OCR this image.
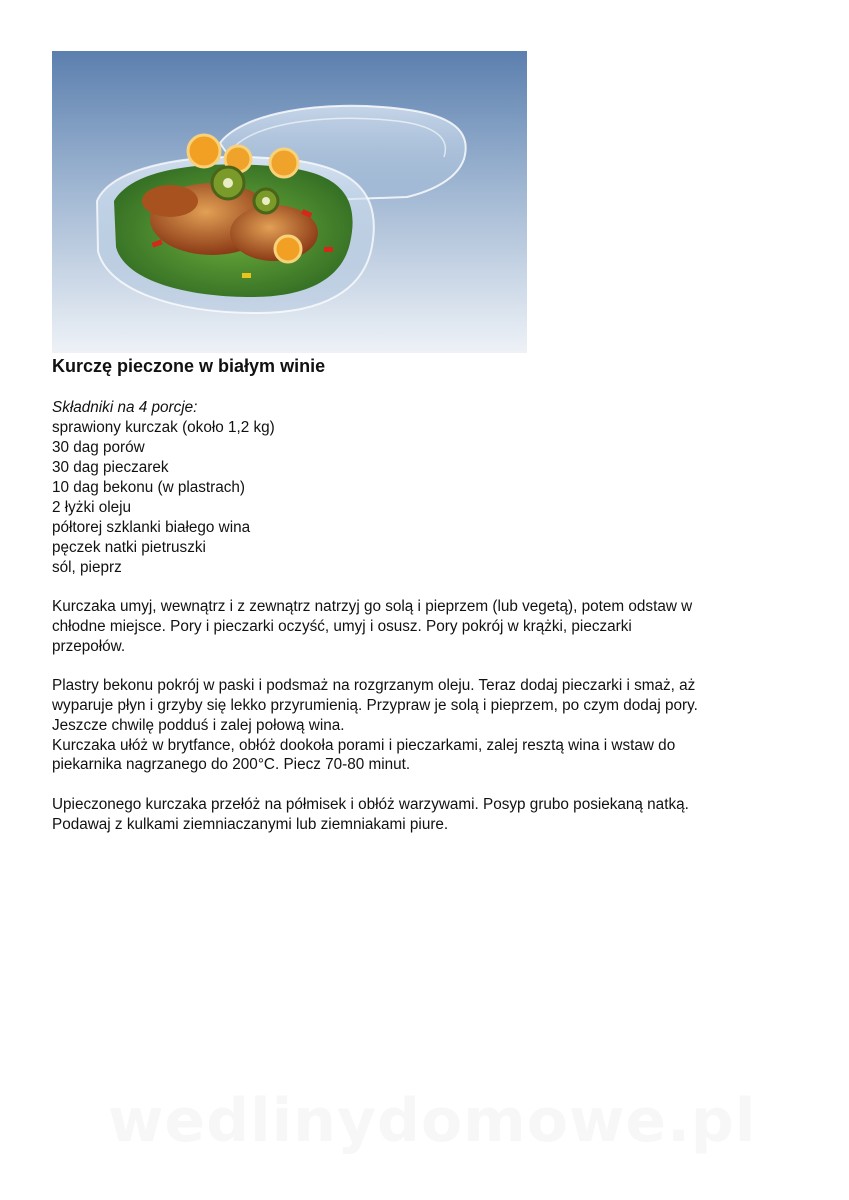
Kurczę pieczone w białym winie
Składniki na 4 porcje:
sprawiony kurczak (około 1,2 kg)
30 dag porów
30 dag pieczarek
10 dag bekonu (w plastrach)
2 łyżki oleju
półtorej szklanki białego wina
pęczek natki pietruszki
sól, pieprz

Kurczaka umyj, wewnątrz i z zewnątrz natrzyj go solą i pieprzem (lub vegetą), potem odstaw w
chłodne miejsce. Pory i pieczarki oczyść, umyj i osusz. Pory pokrój w krążki, pieczarki
przepołów.

Plastry bekonu pokrój w paski i podsmaż na rozgrzanym oleju. Teraz dodaj pieczarki i smaż, aż
wyparuje płyn i grzyby się lekko przyrumienią. Przypraw je solą i pieprzem, po czym dodaj pory.
Jeszcze chwilę podduś i zalej połową wina.
Kurczaka ułóż w brytfance, obłóż dookoła porami i pieczarkami, zalej resztą wina i wstaw do
piekarnika nagrzanego do 200°C. Piecz 70-80 minut.

Upieczonego kurczaka przełóż na półmisek i obłóż warzywami. Posyp grubo posiekaną natką.
Podawaj z kulkami ziemniaczanymi lub ziemniakami piure.

wedlinydomowe.pl
